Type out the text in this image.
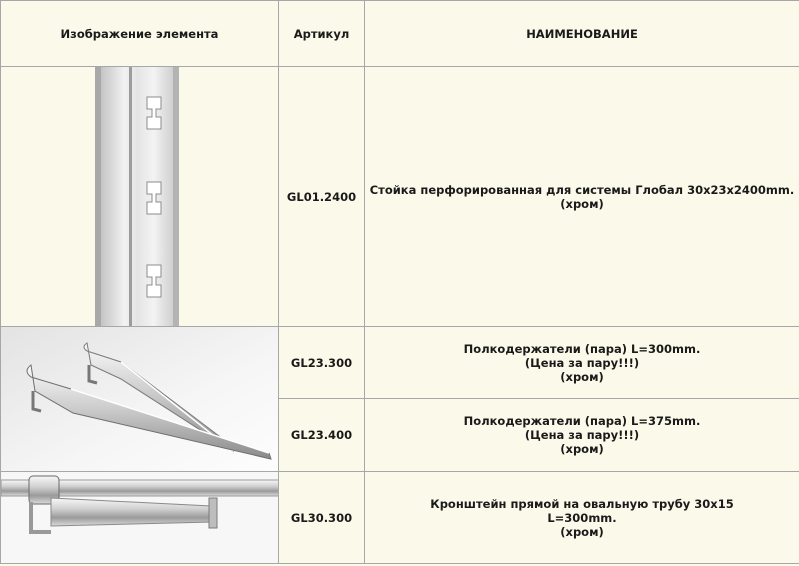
Изображение элемента	Артикул	НАИМЕНОВАНИЕ

	GL01.2400	Стойка перфорированная для системы Глобал 30х23х2400mm.
(хром)

	GL23.300	Полкодержатели (пара) L=300mm.
(Цена за пару!!!)
(хром)

	GL23.400	Полкодержатели (пара) L=375mm.
(Цена за пару!!!)
(хром)

	GL30.300	Кронштейн прямой на овальную трубу 30х15
L=300mm.
(хром)
